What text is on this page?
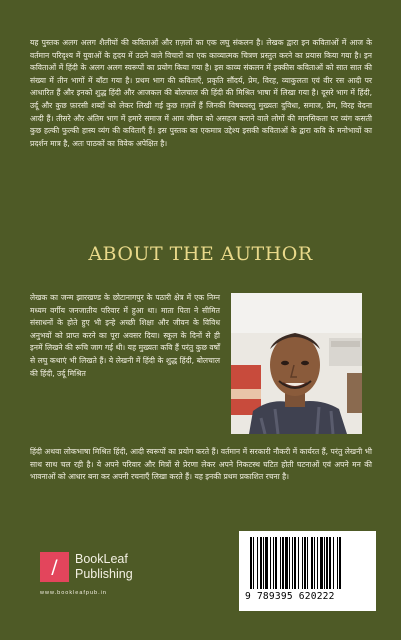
यह पुस्तक अलग अलग शैलीयों की कविताओं और ग़ज़लों का एक लघु संकलन है। लेखक द्वारा इन कविताओं में आज के वर्तमान परिदृश्य में युवाओं के हृदय में उठने वाले विचारों का एक काव्यात्मक चित्रण प्रस्तुत करने का प्रयास किया गया है। इन कविताओं में हिंदी के अलग अलग स्वरूपों का प्रयोग किया गया है। इस काव्य संकलन में इक्कीस कविताओं को सात सात की संख्या में तीन भागों में बाँटा गया है। प्रथम भाग की कविताएँ, प्रकृति सौंदर्य, प्रेम, विरह, व्याकुलता एवं वीर रस आदी पर आधारित हैं और इनको शुद्ध हिंदी और आजकल की बोलचाल की हिंदी की मिश्रित भाषा में लिखा गया है। दूसरे भाग में हिंदी, उर्दू और कुछ फ़ारसी शब्दों को लेकर लिखी गई कुछ ग़ज़लें हैं जिनकी विषयवस्तु मुख्यतः दुविधा, समाज, प्रेम, विरह वेदना आदी हैं। तीसरे और अंतिम भाग में हमारे समाज में आम जीवन को असहज कराने वाले लोगों की मानसिकता पर व्यंग कसती कुछ हल्की फुल्की हास्य व्यंग की कविताएँ हैं। इस पुस्तक का एकमात्र उद्देश्य इसकी कविताओं के द्वारा कवि के मनोभावों का प्रदर्शन मात्र है, अतः पाठकों का विवेक अपेक्षित है।

ABOUT THE AUTHOR

लेखक का जन्म झारखण्ड के छोटानागपुर के पठारी क्षेत्र में एक निम्न मध्यम वर्गीय जनजातीय परिवार में हुआ था। माता पिता ने सीमित संसाधनों के होते हुए भी इन्हे अच्छी शिक्षा और जीवन के विविध अनुभवों को प्राप्त करने का पूरा अवसर दिया। स्कूल के दिनों से ही इनमें लिखने की रूचि जाग गई थी। यह मुख्यतः कवि हैं परंतु कुछ वर्षों से लघु कथाएं भी लिखते हैं। ये लेखनी में हिंदी के शुद्ध हिंदी, बोलचाल की हिंदी, उर्दू मिश्रित

हिंदी अथवा लोकभाषा मिश्रित हिंदी, आदी स्वरूपों का प्रयोग करते हैं। वर्तमान में सरकारी नौकरी में कार्यरत हैं, परंतु लेखनी भी साथ साथ चल रही है। ये अपने परिवार और मित्रों से प्रेरणा लेकर अपने निकटस्थ घटित होती घटनाओं एवं अपने मन की भावनाओं को आधार बना कर अपनी रचनाएँ लिखा करते हैं। यह इनकी प्रथम प्रकाशित रचना है।

/	BookLeaf
Publishing
www.bookleafpub.in	9 789395 620222
